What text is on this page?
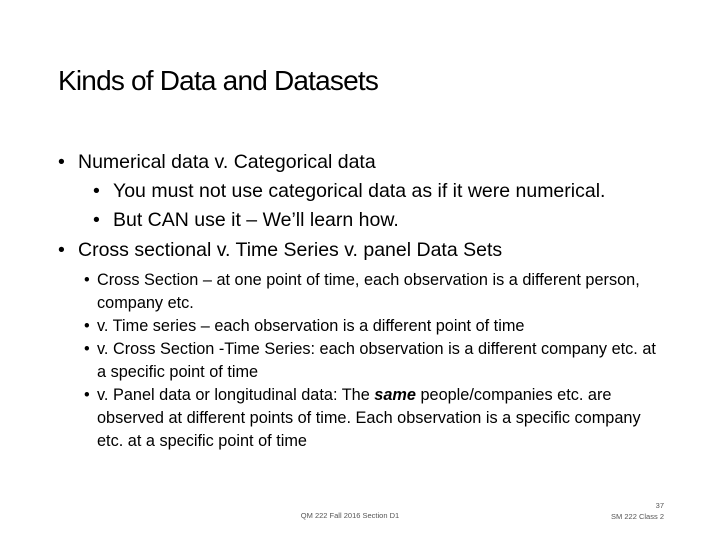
Kinds of Data and Datasets
• Numerical data v. Categorical data
• You must not use categorical data as if it were numerical.
• But CAN use it – We’ll learn how.
• Cross sectional v. Time Series v. panel Data Sets
• Cross Section – at one point of time, each observation is a different person, company etc.
• v. Time series – each observation is a different point of time
• v. Cross Section -Time Series: each observation is a different company etc. at a specific point of time
• v. Panel data or longitudinal data: The same people/companies etc. are observed at different points of time. Each observation is a specific company etc. at a specific point of time
QM 222 Fall 2016 Section D1
37
SM 222 Class 2
